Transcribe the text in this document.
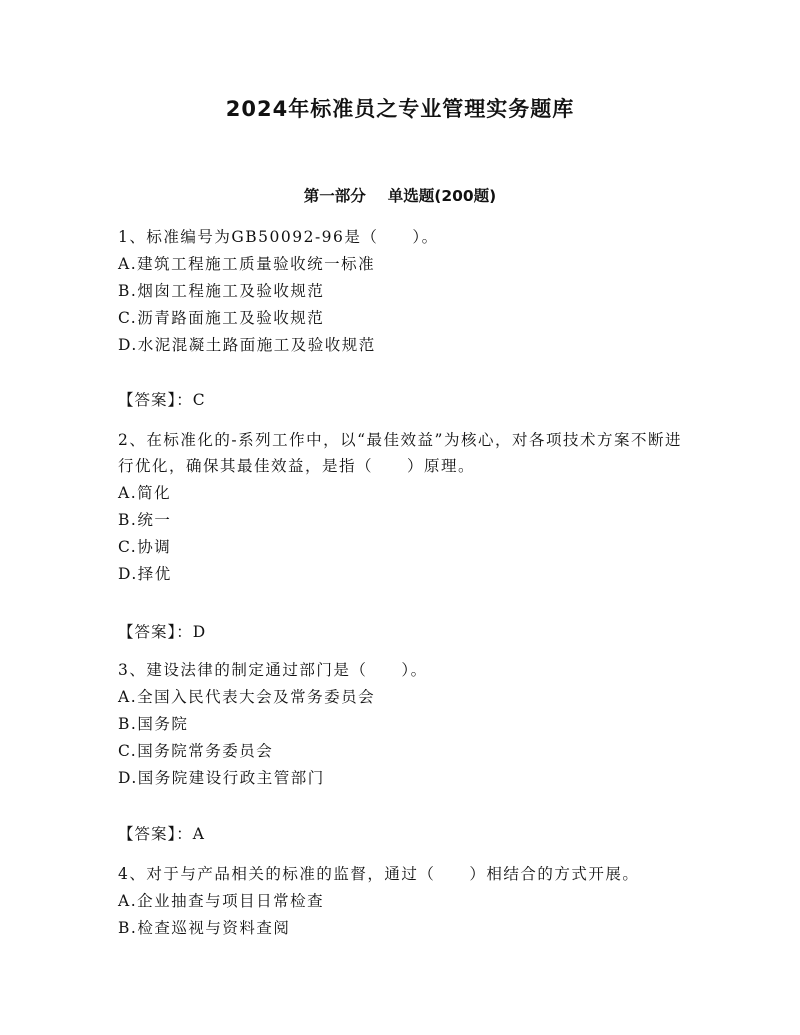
2024年标准员之专业管理实务题库
第一部分 单选题(200题)
1、标准编号为GB50092-96是（　　）。
A.建筑工程施工质量验收统一标准
B.烟囱工程施工及验收规范
C.沥青路面施工及验收规范
D.水泥混凝土路面施工及验收规范
【答案】：C
2、在标准化的-系列工作中，以“最佳效益”为核心，对各项技术方案不断进行优化，确保其最佳效益，是指（　　）原理。
A.简化
B.统一
C.协调
D.择优
【答案】：D
3、建设法律的制定通过部门是（　　）。
A.全国入民代表大会及常务委员会
B.国务院
C.国务院常务委员会
D.国务院建设行政主管部门
【答案】：A
4、对于与产品相关的标准的监督，通过（　　）相结合的方式开展。
A.企业抽查与项目日常检查
B.检查巡视与资料查阅
